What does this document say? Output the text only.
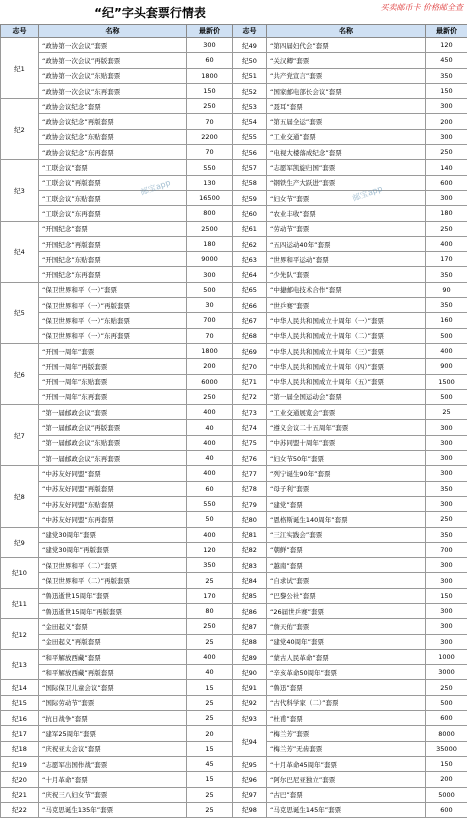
“纪”字头套票行情表	买卖邮币卡 价格邮全查
志号	名称	最新价	志号	名称	最新价
纪1	“政协第一次会议”套票	300	纪49	“第四届妇代会”套票	120
	“政协第一次会议”再版套票	60	纪50	“关汉卿”套票	450
	“政协第一次会议”东贴套票	1800	纪51	“共产党宣言”套票	350
	“政协第一次会议”东再套票	150	纪52	“国家邮电部长会议”套票	150
纪2	“政协会议纪念”套票	250	纪53	“聂耳”套票	300
	“政协会议纪念”再版套票	70	纪54	“第五届全运”套票	200
	“政协会议纪念”东贴套票	2200	纪55	“工业交通”套票	300
	“政协会议纪念”东再套票	70	纪56	“电视大楼落成纪念”套票	250
纪3	“工联会议”套票	550	纪57	“志愿军凯旋归国”套票	140
	“工联会议”再版套票	130	纪58	“钢铁生产大跃进”套票	600
	“工联会议”东贴套票	16500	纪59	“妇女节”套票	300
	“工联会议”东再套票	800	纪60	“农业丰收”套票	180
纪4	“开国纪念”套票	2500	纪61	“劳动节”套票	250
	“开国纪念”再版套票	180	纪62	“五四运动40年”套票	400
	“开国纪念”东贴套票	9000	纪63	“世界和平运动”套票	170
	“开国纪念”东再套票	300	纪64	“少先队”套票	350
纪5	“保卫世界和平（一）”套票	500	纪65	“中捷邮电技术合作”套票	90
	“保卫世界和平（一）”再版套票	30	纪66	“世乒赛”套票	350
	“保卫世界和平（一）”东贴套票	700	纪67	“中华人民共和国成立十周年（一）”套票	160
	“保卫世界和平（一）”东再套票	70	纪68	“中华人民共和国成立十周年（二）”套票	500
纪6	“开国一周年”套票	1800	纪69	“中华人民共和国成立十周年（三）”套票	400
	“开国一周年”再版套票	200	纪70	“中华人民共和国成立十周年（四）”套票	900
	“开国一周年”东贴套票	6000	纪71	“中华人民共和国成立十周年（五）”套票	1500
	“开国一周年”东再套票	250	纪72	“第一届全国运动会”套票	500
纪7	“第一届邮政会议”套票	400	纪73	“工业交通展览会”套票	25
	“第一届邮政会议”再版套票	40	纪74	“遵义会议二十五周年”套票	300
	“第一届邮政会议”东贴套票	400	纪75	“中苏同盟十周年”套票	300
	“第一届邮政会议”东再套票	40	纪76	“妇女节50年”套票	300
纪8	“中苏友好同盟”套票	400	纪77	“列宁诞生90年”套票	300
	“中苏友好同盟”再版套票	60	纪78	“母子利”套票	350
	“中苏友好同盟”东贴套票	550	纪79	“建党”套票	300
	“中苏友好同盟”东再套票	50	纪80	“恩格斯诞生140周年”套票	250
纪9	“建党30周年”套票	400	纪81	“三江实践会”套票	350
	“建党30周年”再版套票	120	纪82	“朝鲜”套票	700
纪10	“保卫世界和平（二）”套票	350	纪83	“越南”套票	300
	“保卫世界和平（二）”再版套票	25	纪84	“自求试”套票	300
纪11	“鲁迅逝世15周年”套票	170	纪85	“巴黎公社”套票	150
	“鲁迅逝世15周年”再版套票	80	纪86	“26届世乒赛”套票	300
纪12	“金田起义”套票	250	纪87	“詹天佑”套票	300
	“金田起义”再版套票	25	纪88	“建党40周年”套票	300
纪13	“和平解放西藏”套票	400	纪89	“蒙古人民革命”套票	1000
	“和平解放西藏”再版套票	40	纪90	“辛亥革命50周年”套票	3000
纪14	“国际保卫儿童会议”套票	15	纪91	“鲁迅”套票	250
纪15	“国际劳动节”套票	25	纪92	“古代科学家（二）”套票	500
纪16	“抗日战争”套票	25	纪93	“杜甫”套票	600
纪17	“建军25周年”套票	20	纪94	“梅兰芳”套票	8000
纪18	“庆祝亚太会议”套票	15		“梅兰芳”无齿套票	35000
纪19	“志愿军出国作战”套票	45	纪95	“十月革命45周年”套票	150
纪20	“十月革命”套票	15	纪96	“阿尔巴尼亚独立”套票	200
纪21	“庆祝三八妇女节”套票	25	纪97	“古巴”套票	5000
纪22	“马克思诞生135年”套票	25	纪98	“马克思诞生145年”套票	600
邮宝app	邮宝app
